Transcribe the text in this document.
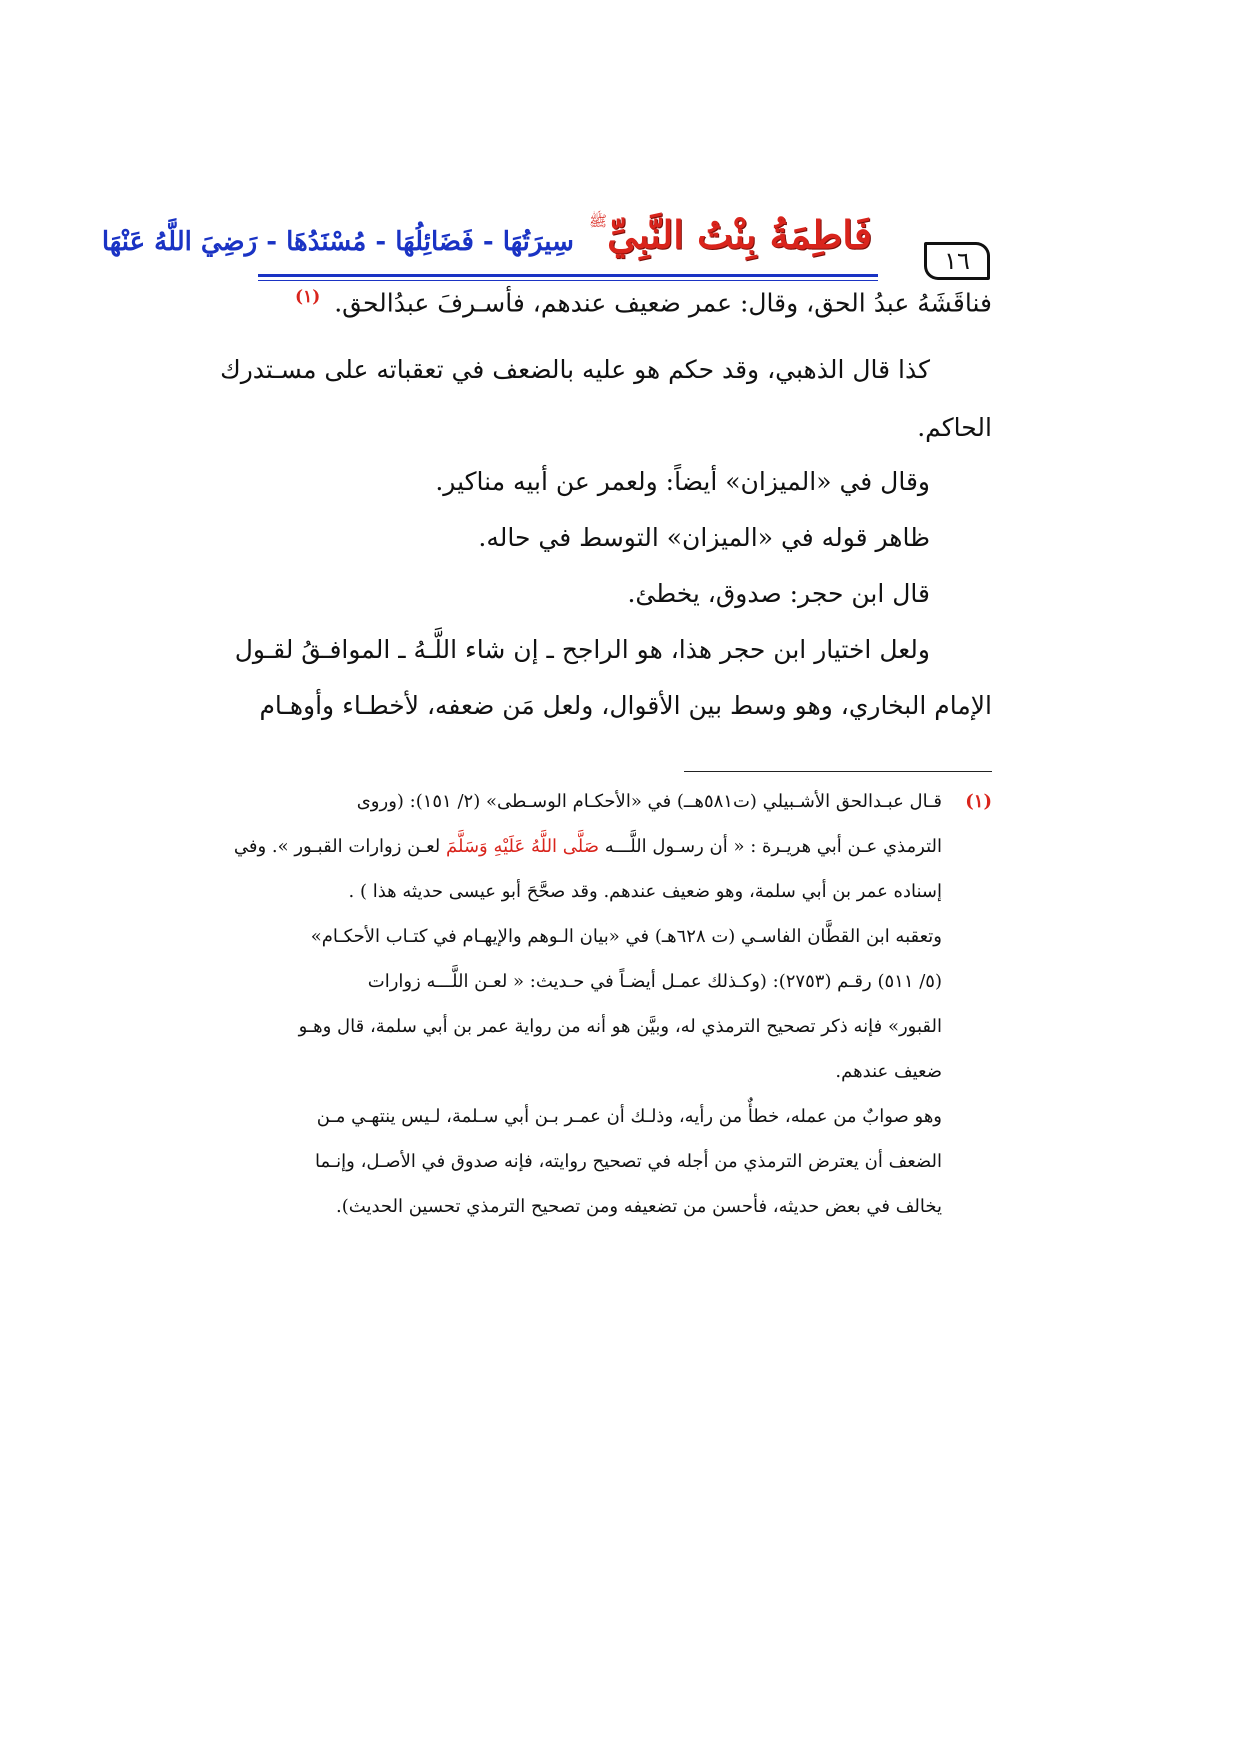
١٦
فَاطِمَةُ بِنْتُ النَّبِيِّﷺ سِيرَتُهَا - فَضَائِلُهَا - مُسْنَدُهَا - رَضِيَ اللَّهُ عَنْهَا
فناقَشَهُ عبدُ الحق، وقال: عمر ضعيف عندهم، فأسـرفَ عبدُالحق. $^{(١)}$
كذا قال الذهبي، وقد حكم هو عليه بالضعف في تعقباته على مسـتدرك
الحاكم.
وقال في «الميزان» أيضاً: ولعمر عن أبيه مناكير.
ظاهر قوله في «الميزان» التوسط في حاله.
قال ابن حجر: صدوق، يخطئ.
ولعل اختيار ابن حجر هذا، هو الراجح ـ إن شاء اللَّـهُ ـ الموافـقُ لقـول
الإمام البخاري، وهو وسط بين الأقوال، ولعل مَن ضعفه، لأخطـاء وأوهـام
(١)
قـال عبـدالحق الأشـبيلي (ت٥٨١هــ) في «الأحكـام الوسـطى» (٢/ ١٥١): (وروى
الترمذي عـن أبي هريـرة : « أن رسـول اللَّـــه صَلَّى اللَّهُ عَلَيْهِ وَسَلَّمَ لعـن زوارات القبـور ». وفي
إسناده عمر بن أبي سلمة، وهو ضعيف عندهم. وقد صحَّحَ أبو عيسى حديثه هذا ) .
وتعقبه ابن القطَّان الفاسـي (ت ٦٢٨هـ) في «بيان الـوهم والإيهـام في كتـاب الأحكـام»
(٥/ ٥١١) رقـم (٢٧٥٣): (وكـذلك عمـل أيضـاً في حـديث: « لعـن اللَّـــه زوارات
القبور» فإنه ذكر تصحيح الترمذي له، وبيَّن هو أنه من رواية عمر بن أبي سلمة، قال وهـو
ضعيف عندهم.
وهو صوابٌ من عمله، خطأٌ من رأيه، وذلـك أن عمـر بـن أبي سـلمة، لـيس ينتهـي مـن
الضعف أن يعترض الترمذي من أجله في تصحيح روايته، فإنه صدوق في الأصـل، وإنـما
يخالف في بعض حديثه، فأحسن من تضعيفه ومن تصحيح الترمذي تحسين الحديث).
